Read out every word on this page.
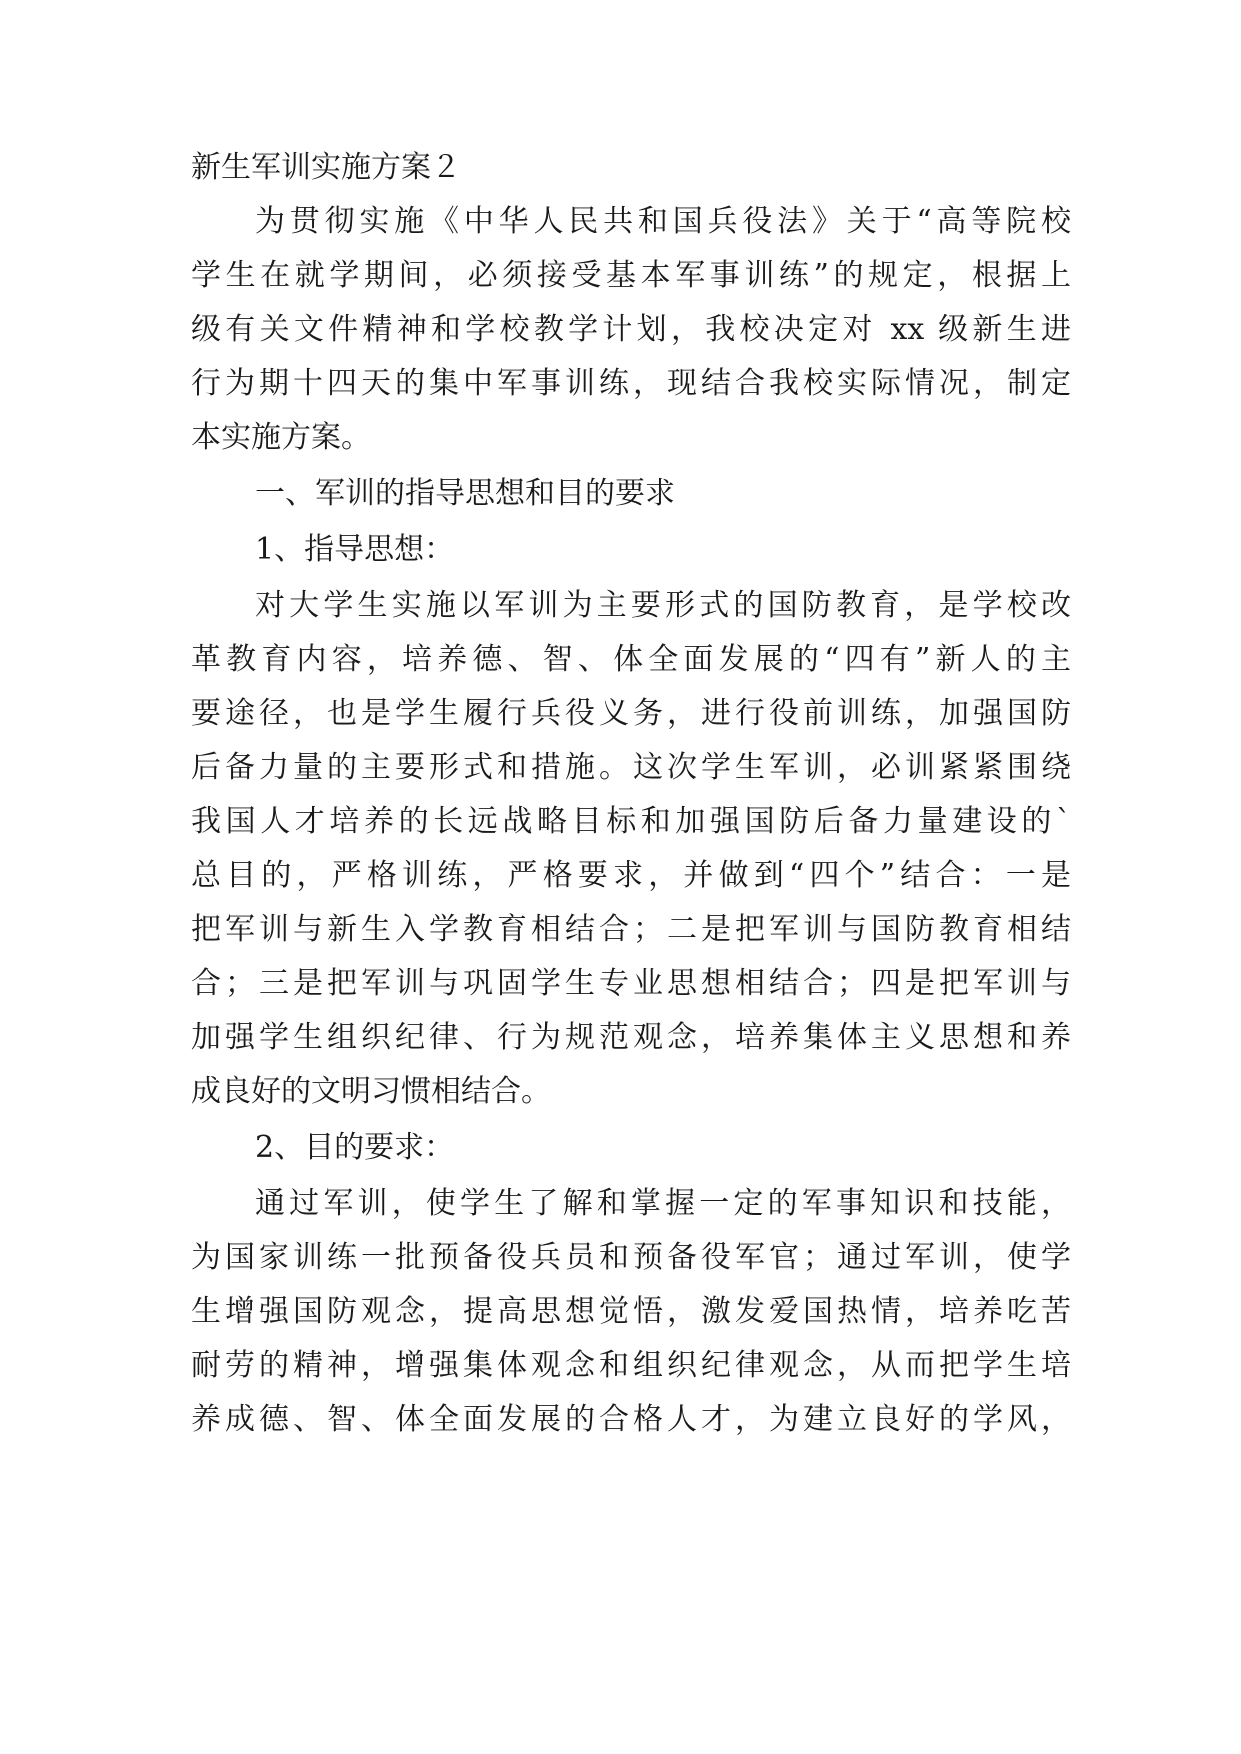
新生军训实施方案２

为贯彻实施《中华人民共和国兵役法》关于“高等院校

学生在就学期间，必须接受基本军事训练”的规定，根据上

级有关文件精神和学校教学计划，我校决定对 xx 级新生进

行为期十四天的集中军事训练，现结合我校实际情况，制定

本实施方案。

一、军训的指导思想和目的要求

1、指导思想：

对大学生实施以军训为主要形式的国防教育，是学校改

革教育内容，培养德、智、体全面发展的“四有”新人的主

要途径，也是学生履行兵役义务，进行役前训练，加强国防

后备力量的主要形式和措施。这次学生军训，必训紧紧围绕

我国人才培养的长远战略目标和加强国防后备力量建设的`

总目的，严格训练，严格要求，并做到“四个”结合：一是

把军训与新生入学教育相结合；二是把军训与国防教育相结

合；三是把军训与巩固学生专业思想相结合；四是把军训与

加强学生组织纪律、行为规范观念，培养集体主义思想和养

成良好的文明习惯相结合。

2、目的要求：

通过军训，使学生了解和掌握一定的军事知识和技能，

为国家训练一批预备役兵员和预备役军官；通过军训，使学

生增强国防观念，提高思想觉悟，激发爱国热情，培养吃苦

耐劳的精神，增强集体观念和组织纪律观念，从而把学生培

养成德、智、体全面发展的合格人才，为建立良好的学风，
